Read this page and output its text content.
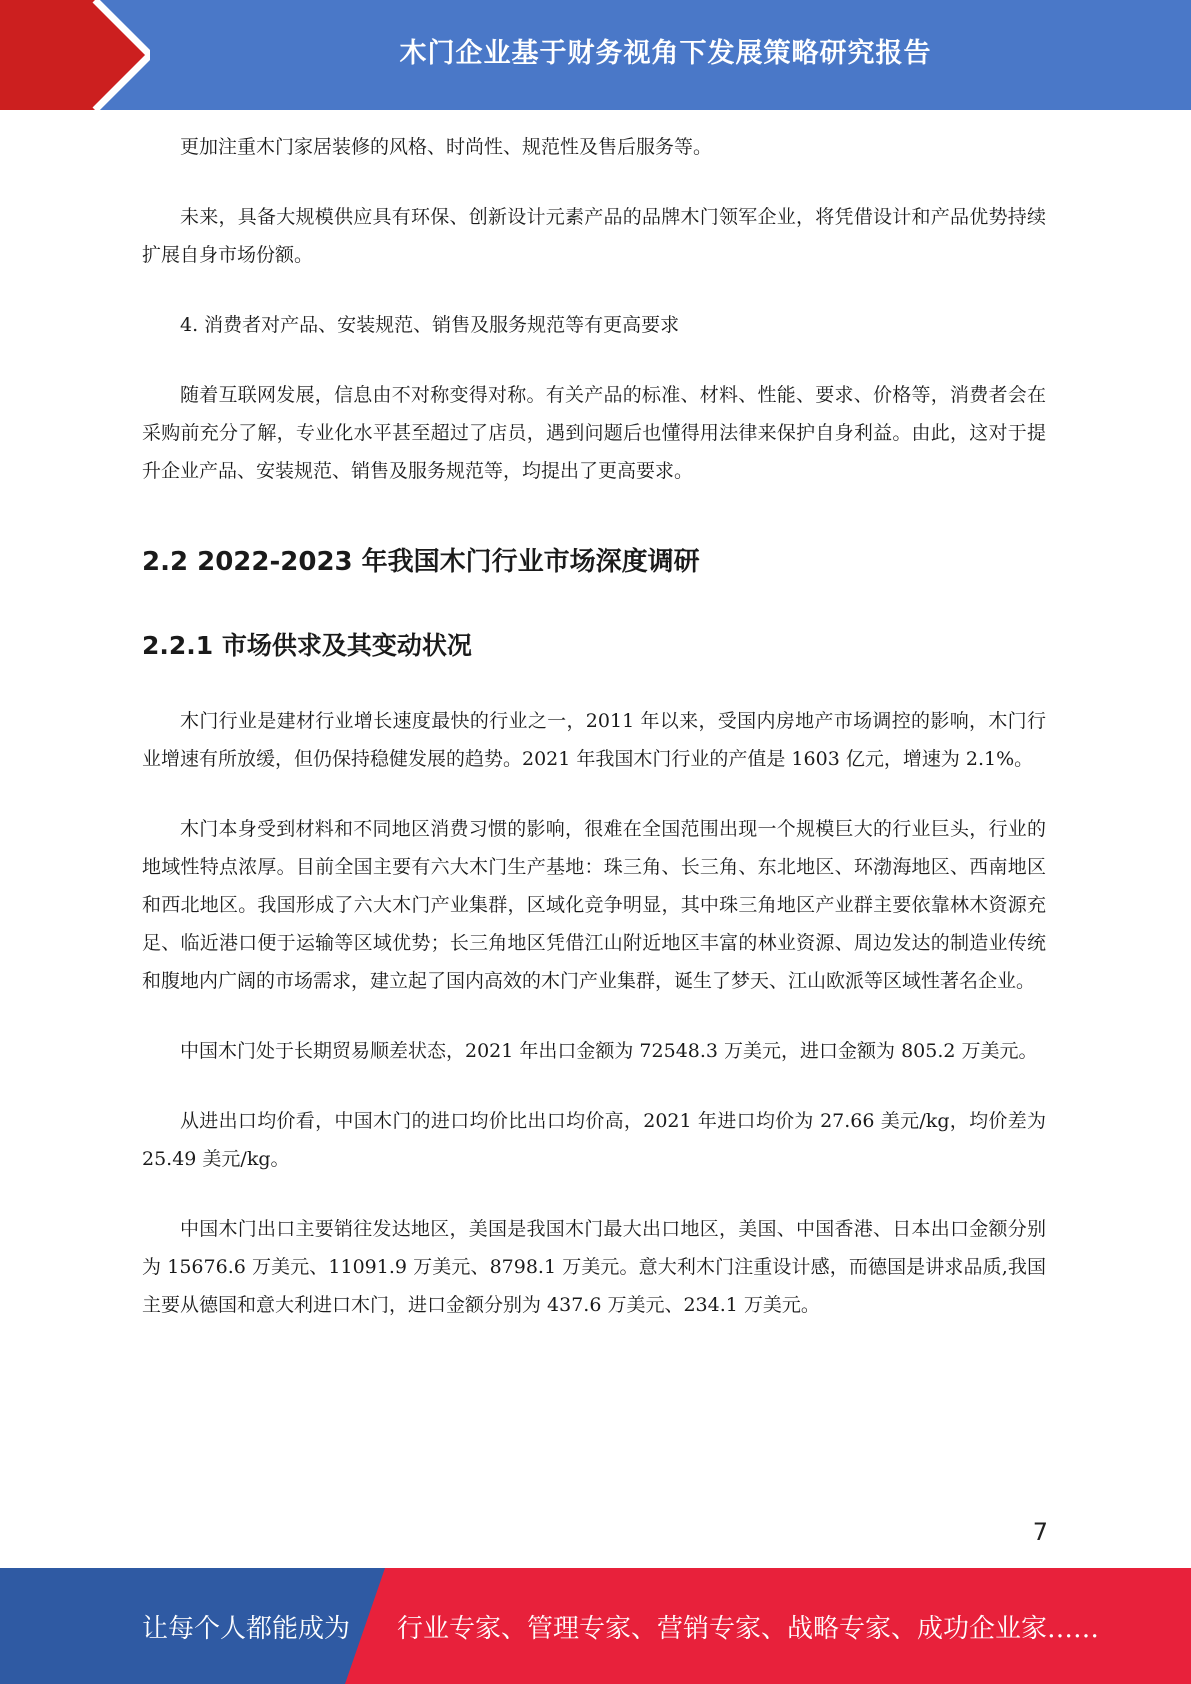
木门企业基于财务视角下发展策略研究报告

更加注重木门家居装修的风格、时尚性、规范性及售后服务等。

未来，具备大规模供应具有环保、创新设计元素产品的品牌木门领军企业，将凭借设计和产品优势持续扩展自身市场份额。

4. 消费者对产品、安装规范、销售及服务规范等有更高要求

随着互联网发展，信息由不对称变得对称。有关产品的标准、材料、性能、要求、价格等，消费者会在采购前充分了解，专业化水平甚至超过了店员，遇到问题后也懂得用法律来保护自身利益。由此，这对于提升企业产品、安装规范、销售及服务规范等，均提出了更高要求。

2.2 2022-2023 年我国木门行业市场深度调研
2.2.1 市场供求及其变动状况

木门行业是建材行业增长速度最快的行业之一，2011 年以来，受国内房地产市场调控的影响，木门行业增速有所放缓，但仍保持稳健发展的趋势。2021 年我国木门行业的产值是 1603 亿元，增速为 2.1%。

木门本身受到材料和不同地区消费习惯的影响，很难在全国范围出现一个规模巨大的行业巨头，行业的地域性特点浓厚。目前全国主要有六大木门生产基地：珠三角、长三角、东北地区、环渤海地区、西南地区和西北地区。我国形成了六大木门产业集群，区域化竞争明显，其中珠三角地区产业群主要依靠林木资源充足、临近港口便于运输等区域优势；长三角地区凭借江山附近地区丰富的林业资源、周边发达的制造业传统和腹地内广阔的市场需求，建立起了国内高效的木门产业集群，诞生了梦天、江山欧派等区域性著名企业。

中国木门处于长期贸易顺差状态，2021 年出口金额为 72548.3 万美元，进口金额为 805.2 万美元。

从进出口均价看，中国木门的进口均价比出口均价高，2021 年进口均价为 27.66 美元/kg，均价差为 25.49 美元/kg。

中国木门出口主要销往发达地区，美国是我国木门最大出口地区，美国、中国香港、日本出口金额分别为 15676.6 万美元、11091.9 万美元、8798.1 万美元。意大利木门注重设计感，而德国是讲求品质,我国主要从德国和意大利进口木门，进口金额分别为 437.6 万美元、234.1 万美元。

7
让每个人都能成为 行业专家、管理专家、营销专家、战略专家、成功企业家……
